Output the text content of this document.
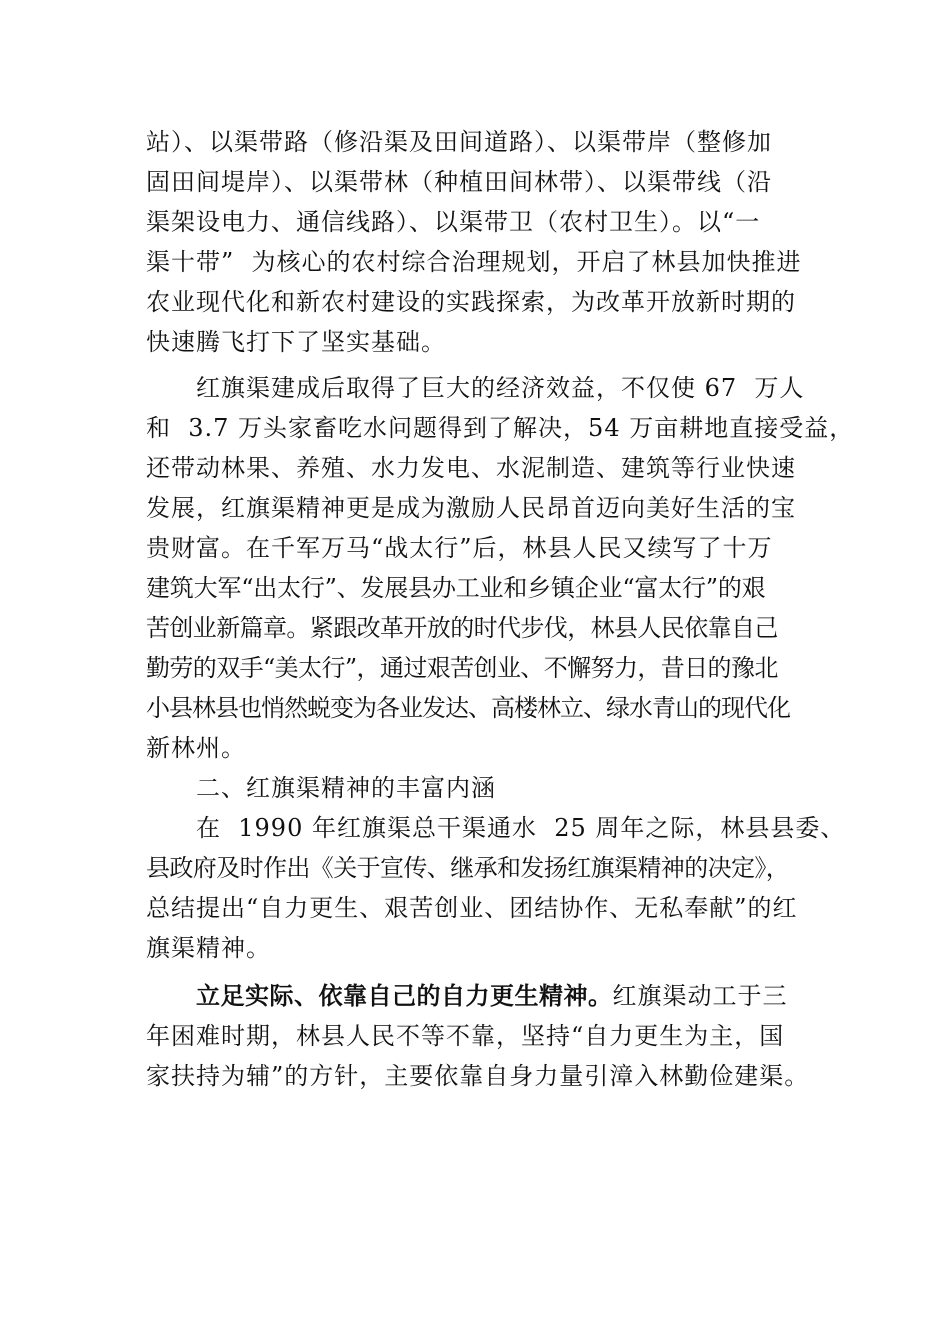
站）、以渠带路（修沿渠及田间道路）、以渠带岸（整修加
固田间堤岸）、以渠带林（种植田间林带）、以渠带线（沿
渠架设电力、通信线路）、以渠带卫（农村卫生）。以“一
渠十带”  为核心的农村综合治理规划，开启了林县加快推进
农业现代化和新农村建设的实践探索，为改革开放新时期的
快速腾飞打下了坚实基础。

红旗渠建成后取得了巨大的经济效益，不仅使 67  万人
和  3.7 万头家畜吃水问题得到了解决，54 万亩耕地直接受益，
还带动林果、养殖、水力发电、水泥制造、建筑等行业快速
发展，红旗渠精神更是成为激励人民昂首迈向美好生活的宝
贵财富。在千军万马“战太行”后，林县人民又续写了十万
建筑大军“出太行”、发展县办工业和乡镇企业“富太行”的艰
苦创业新篇章。紧跟改革开放的时代步伐，林县人民依靠自己
勤劳的双手“美太行”，通过艰苦创业、不懈努力，昔日的豫北
小县林县也悄然蜕变为各业发达、高楼林立、绿水青山的现代化
新林州。

二、红旗渠精神的丰富内涵

在  1990 年红旗渠总干渠通水  25 周年之际，林县县委、
县政府及时作出《关于宣传、继承和发扬红旗渠精神的决定》，
总结提出“自力更生、艰苦创业、团结协作、无私奉献”的红
旗渠精神。

立足实际、依靠自己的自力更生精神。红旗渠动工于三
年困难时期，林县人民不等不靠，坚持“自力更生为主，国
家扶持为辅”的方针，主要依靠自身力量引漳入林勤俭建渠。
